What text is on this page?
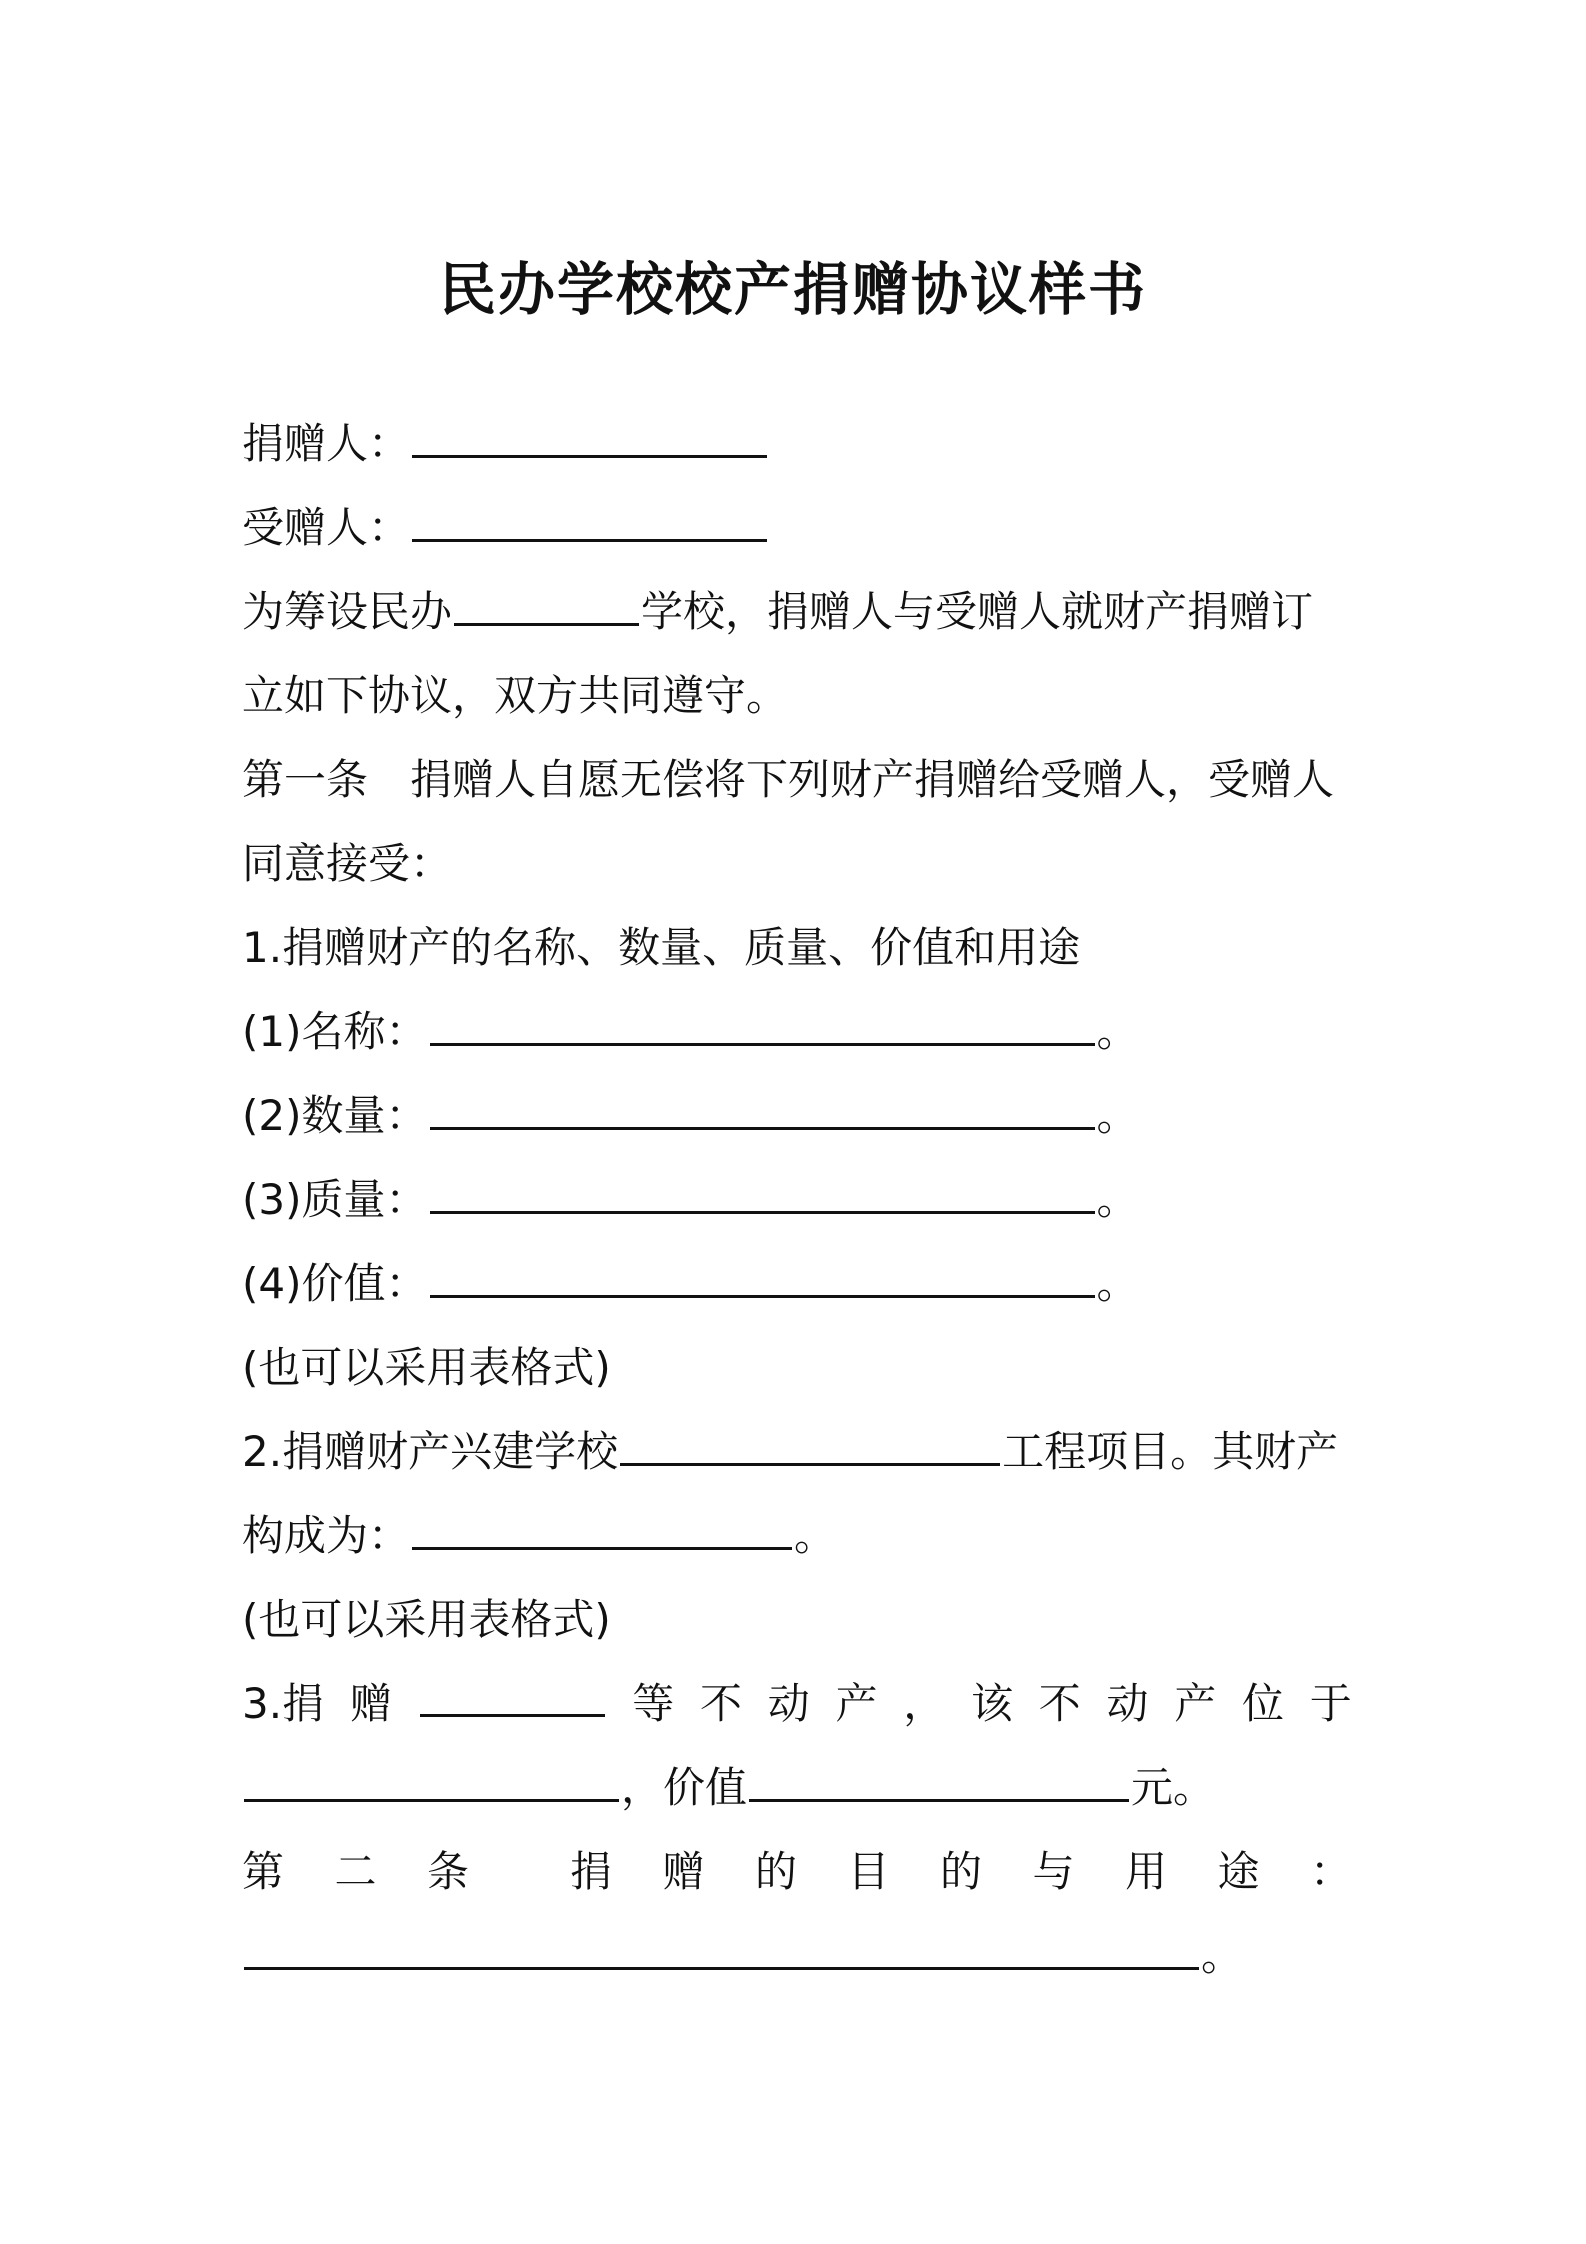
民办学校校产捐赠协议样书
捐赠人：
受赠人：
为筹设民办	学校，捐赠人与受赠人就财产捐赠订
立如下协议，双方共同遵守。
第一条　捐赠人自愿无偿将下列财产捐赠给受赠人，受赠人
同意接受：
1.捐赠财产的名称、数量、质量、价值和用途
(1)名称：	。
(2)数量：	。
(3)质量：	。
(4)价值：	。
(也可以采用表格式)
2.捐赠财产兴建学校	工程项目。其财产
构成为：	。
(也可以采用表格式)
3.捐 赠	等 不 动 产 ， 该 不 动 产 位 于
，价值	元。
第 二 条 捐 赠 的 目 的 与 用 途 ：
。
